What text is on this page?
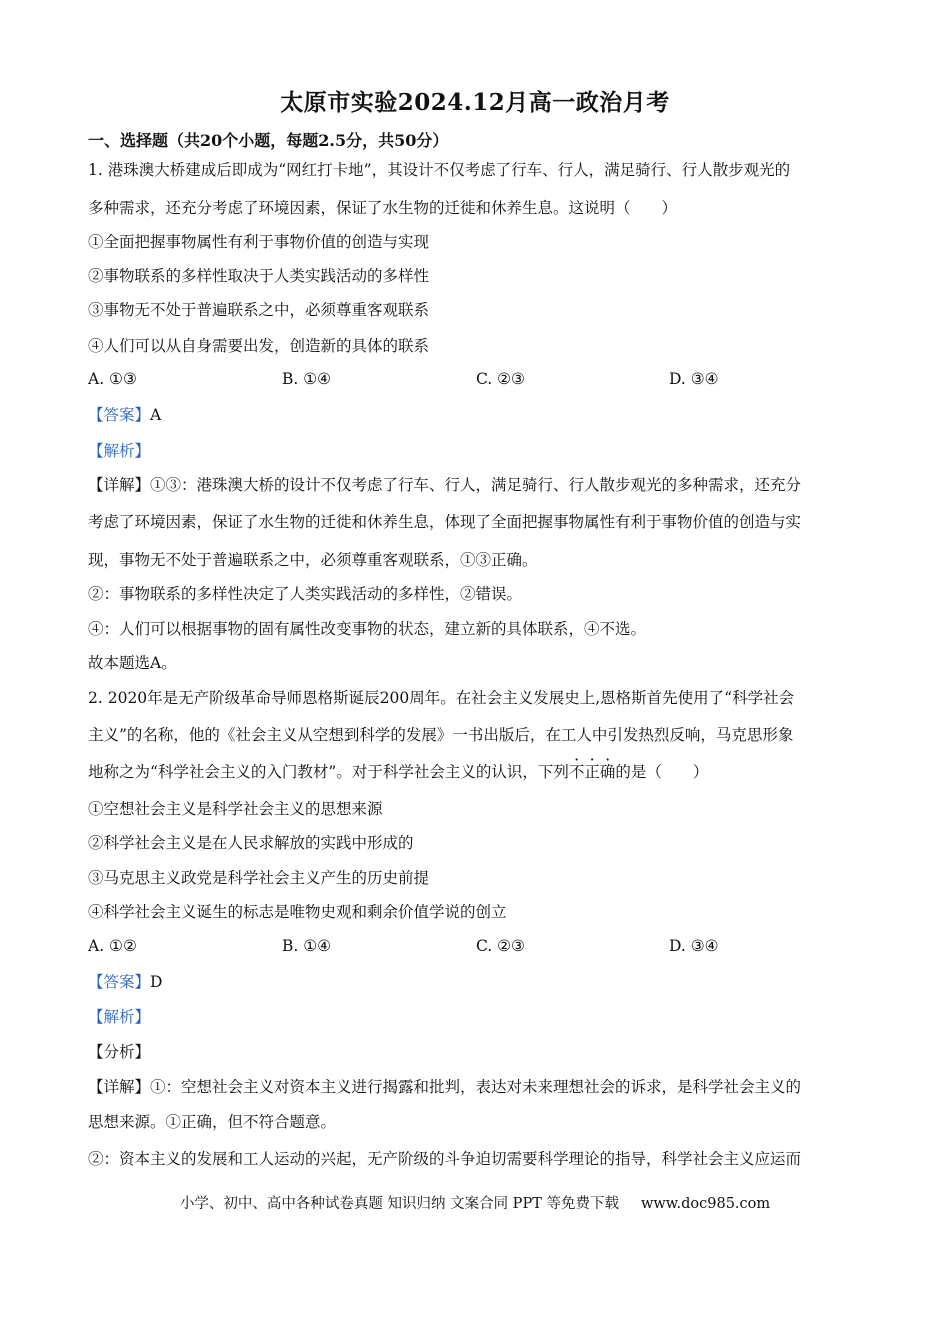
太原市实验2024.12月高一政治月考
一、选择题（共20个小题，每题2.5分，共50分）
1. 港珠澳大桥建成后即成为“网红打卡地”，其设计不仅考虑了行车、行人，满足骑行、行人散步观光的
多种需求，还充分考虑了环境因素，保证了水生物的迁徙和休养生息。这说明（　　）
①全面把握事物属性有利于事物价值的创造与实现
②事物联系的多样性取决于人类实践活动的多样性
③事物无不处于普遍联系之中，必须尊重客观联系
④人们可以从自身需要出发，创造新的具体的联系
A. ①③	B. ①④	C. ②③	D. ③④
【答案】A
【解析】
【详解】①③：港珠澳大桥的设计不仅考虑了行车、行人，满足骑行、行人散步观光的多种需求，还充分
考虑了环境因素，保证了水生物的迁徙和休养生息，体现了全面把握事物属性有利于事物价值的创造与实
现，事物无不处于普遍联系之中，必须尊重客观联系，①③正确。
②：事物联系的多样性决定了人类实践活动的多样性，②错误。
④：人们可以根据事物的固有属性改变事物的状态，建立新的具体联系，④不选。
故本题选A。
2. 2020年是无产阶级革命导师恩格斯诞辰200周年。在社会主义发展史上,恩格斯首先使用了“科学社会
主义”的名称，他的《社会主义从空想到科学的发展》一书出版后，在工人中引发热烈反响，马克思形象
地称之为“科学社会主义的入门教材”。对于科学社会主义的认识，下列不正确的是（　　）
①空想社会主义是科学社会主义的思想来源
②科学社会主义是在人民求解放的实践中形成的
③马克思主义政党是科学社会主义产生的历史前提
④科学社会主义诞生的标志是唯物史观和剩余价值学说的创立
A. ①②	B. ①④	C. ②③	D. ③④
【答案】D
【解析】
【分析】
【详解】①：空想社会主义对资本主义进行揭露和批判，表达对未来理想社会的诉求，是科学社会主义的
思想来源。①正确，但不符合题意。
②：资本主义的发展和工人运动的兴起，无产阶级的斗争迫切需要科学理论的指导，科学社会主义应运而
小学、初中、高中各种试卷真题 知识归纳 文案合同 PPT 等免费下载 www.doc985.com
